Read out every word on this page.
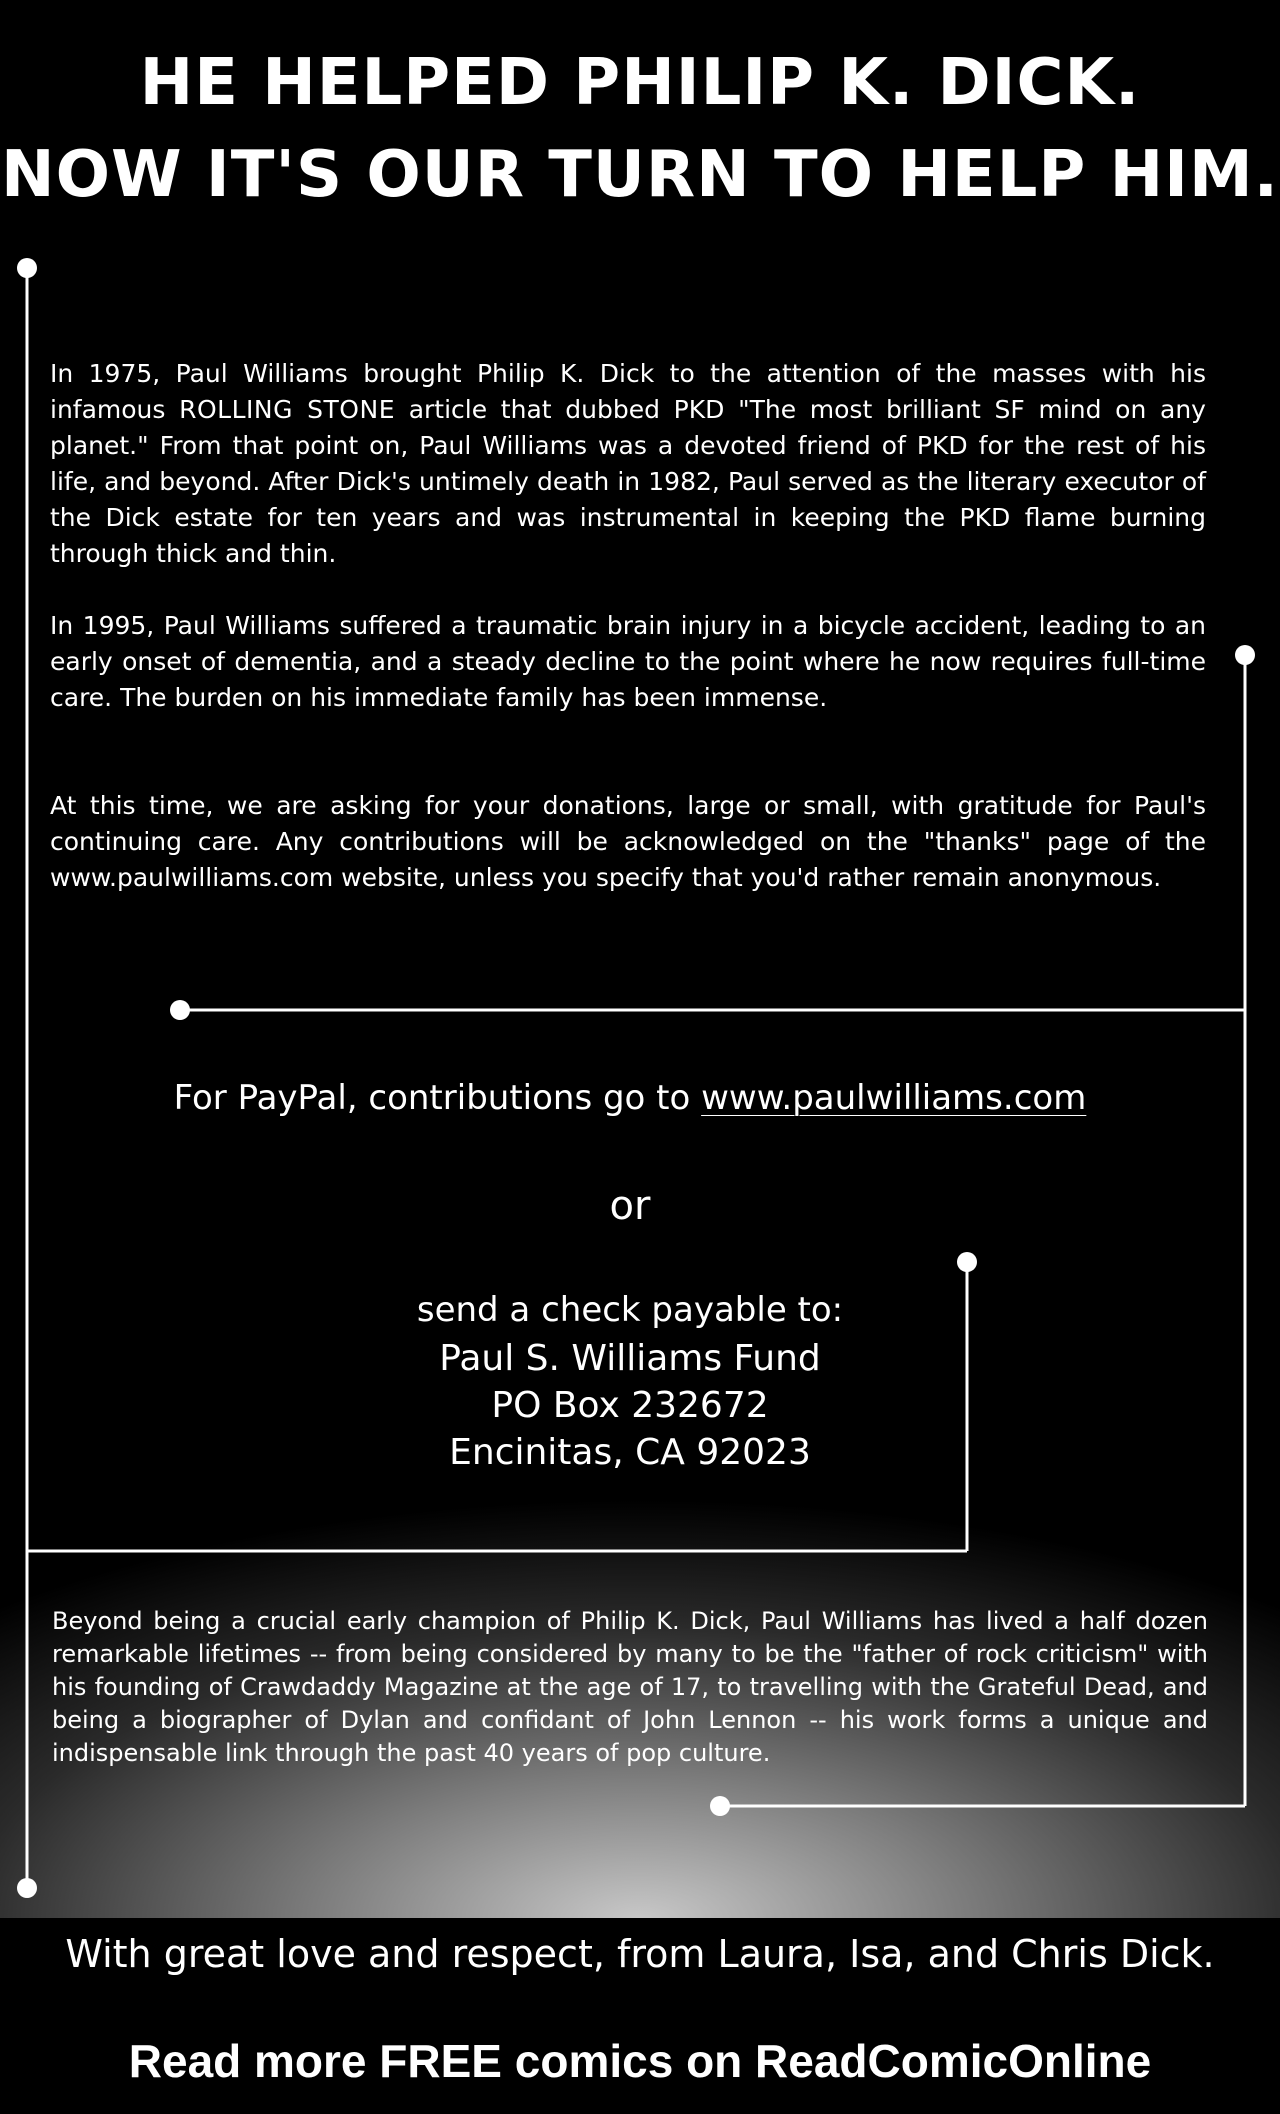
HE HELPED PHILIP K. DICK.
NOW IT'S OUR TURN TO HELP HIM.

In 1975, Paul Williams brought Philip K. Dick to the attention of the masses with his infamous ROLLING STONE article that dubbed PKD "The most brilliant SF mind on any planet." From that point on, Paul Williams was a devoted friend of PKD for the rest of his life, and beyond. After Dick's untimely death in 1982, Paul served as the literary executor of the Dick estate for ten years and was instrumental in keeping the PKD flame burning through thick and thin.

In 1995, Paul Williams suffered a traumatic brain injury in a bicycle accident, leading to an early onset of dementia, and a steady decline to the point where he now requires full-time care. The burden on his immediate family has been immense.

At this time, we are asking for your donations, large or small, with gratitude for Paul's continuing care. Any contributions will be acknowledged on the "thanks" page of the www.paulwilliams.com website, unless you specify that you'd rather remain anonymous.

For PayPal, contributions go to www.paulwilliams.com
or
send a check payable to:
Paul S. Williams Fund
PO Box 232672
Encinitas, CA 92023

Beyond being a crucial early champion of Philip K. Dick, Paul Williams has lived a half dozen remarkable lifetimes -- from being considered by many to be the "father of rock criticism" with his founding of Crawdaddy Magazine at the age of 17, to travelling with the Grateful Dead, and being a biographer of Dylan and confidant of John Lennon -- his work forms a unique and indispensable link through the past 40 years of pop culture.

With great love and respect, from Laura, Isa, and Chris Dick.
Read more FREE comics on ReadComicOnline
